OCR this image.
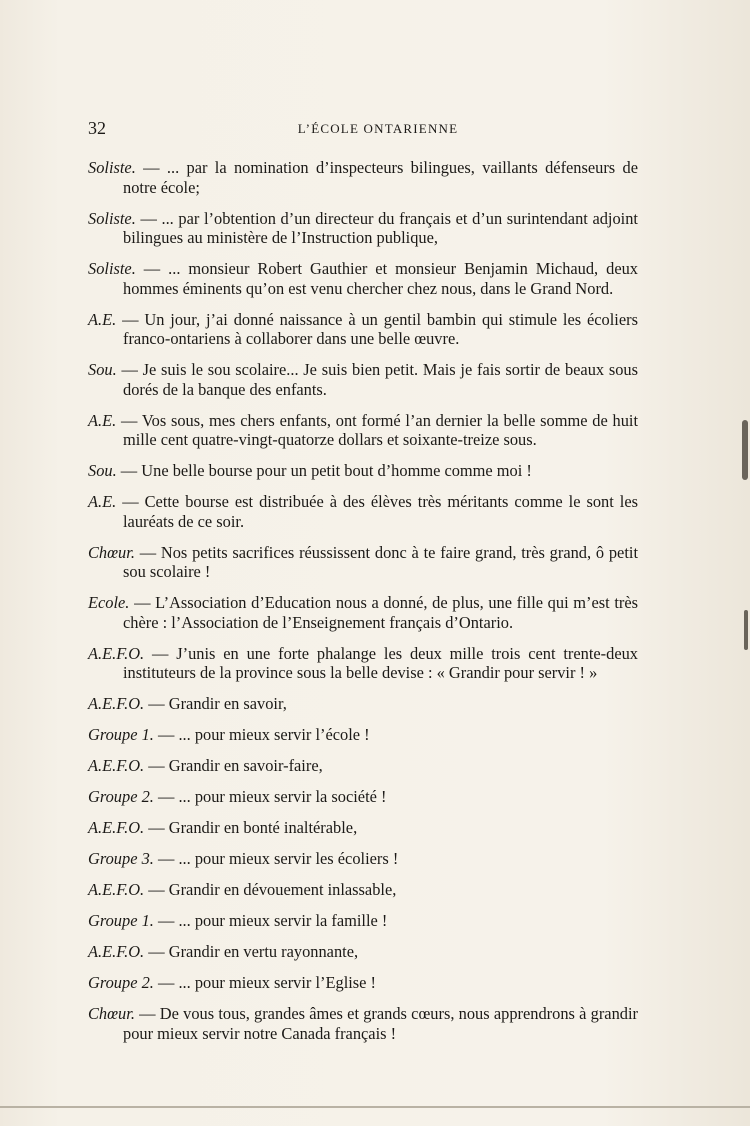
32	L’ÉCOLE ONTARIENNE

Soliste. — ... par la nomination d’inspecteurs bilingues, vaillants défenseurs de notre école;

Soliste. — ... par l’obtention d’un directeur du français et d’un surintendant adjoint bilingues au ministère de l’Instruction publique,

Soliste. — ... monsieur Robert Gauthier et monsieur Benjamin Michaud, deux hommes éminents qu’on est venu chercher chez nous, dans le Grand Nord.

A.E. — Un jour, j’ai donné naissance à un gentil bambin qui stimule les écoliers franco-ontariens à collaborer dans une belle œuvre.

Sou. — Je suis le sou scolaire... Je suis bien petit. Mais je fais sortir de beaux sous dorés de la banque des enfants.

A.E. — Vos sous, mes chers enfants, ont formé l’an dernier la belle somme de huit mille cent quatre-vingt-quatorze dollars et soixante-treize sous.

Sou. — Une belle bourse pour un petit bout d’homme comme moi !

A.E. — Cette bourse est distribuée à des élèves très méritants comme le sont les lauréats de ce soir.

Chœur. — Nos petits sacrifices réussissent donc à te faire grand, très grand, ô petit sou scolaire !

Ecole. — L’Association d’Education nous a donné, de plus, une fille qui m’est très chère : l’Association de l’Enseignement français d’Ontario.

A.E.F.O. — J’unis en une forte phalange les deux mille trois cent trente-deux instituteurs de la province sous la belle devise : « Grandir pour servir ! »

A.E.F.O. — Grandir en savoir,

Groupe 1. — ... pour mieux servir l’école !

A.E.F.O. — Grandir en savoir-faire,

Groupe 2. — ... pour mieux servir la société !

A.E.F.O. — Grandir en bonté inaltérable,

Groupe 3. — ... pour mieux servir les écoliers !

A.E.F.O. — Grandir en dévouement inlassable,

Groupe 1. — ... pour mieux servir la famille !

A.E.F.O. — Grandir en vertu rayonnante,

Groupe 2. — ... pour mieux servir l’Eglise !

Chœur. — De vous tous, grandes âmes et grands cœurs, nous apprendrons à grandir pour mieux servir notre Canada français !
